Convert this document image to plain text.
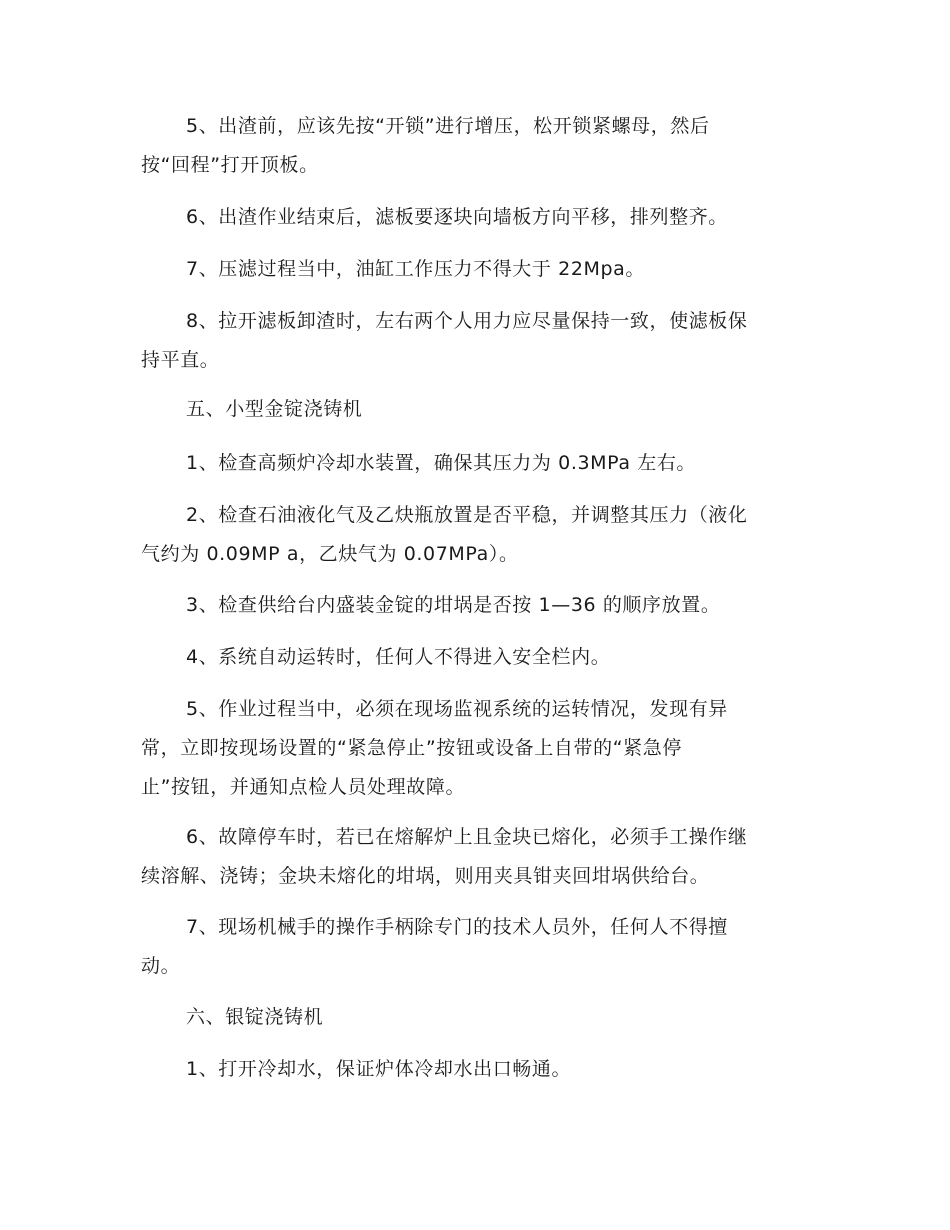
5、出渣前，应该先按“开锁”进行增压，松开锁紧螺母，然后
按“回程”打开顶板。
6、出渣作业结束后，滤板要逐块向墙板方向平移，排列整齐。
7、压滤过程当中，油缸工作压力不得大于 22Mpa。
8、拉开滤板卸渣时，左右两个人用力应尽量保持一致，使滤板保
持平直。
五、小型金锭浇铸机
1、检查高频炉冷却水装置，确保其压力为 0.3MPa 左右。
2、检查石油液化气及乙炔瓶放置是否平稳，并调整其压力（液化
气约为 0.09MP a，乙炔气为 0.07MPa）。
3、检查供给台内盛装金锭的坩埚是否按 1—36 的顺序放置。
4、系统自动运转时，任何人不得进入安全栏内。
5、作业过程当中，必须在现场监视系统的运转情况，发现有异
常，立即按现场设置的“紧急停止”按钮或设备上自带的“紧急停
止”按钮，并通知点检人员处理故障。
6、故障停车时，若已在熔解炉上且金块已熔化，必须手工操作继
续溶解、浇铸；金块未熔化的坩埚，则用夹具钳夹回坩埚供给台。
7、现场机械手的操作手柄除专门的技术人员外，任何人不得擅
动。
六、银锭浇铸机
1、打开冷却水，保证炉体冷却水出口畅通。
